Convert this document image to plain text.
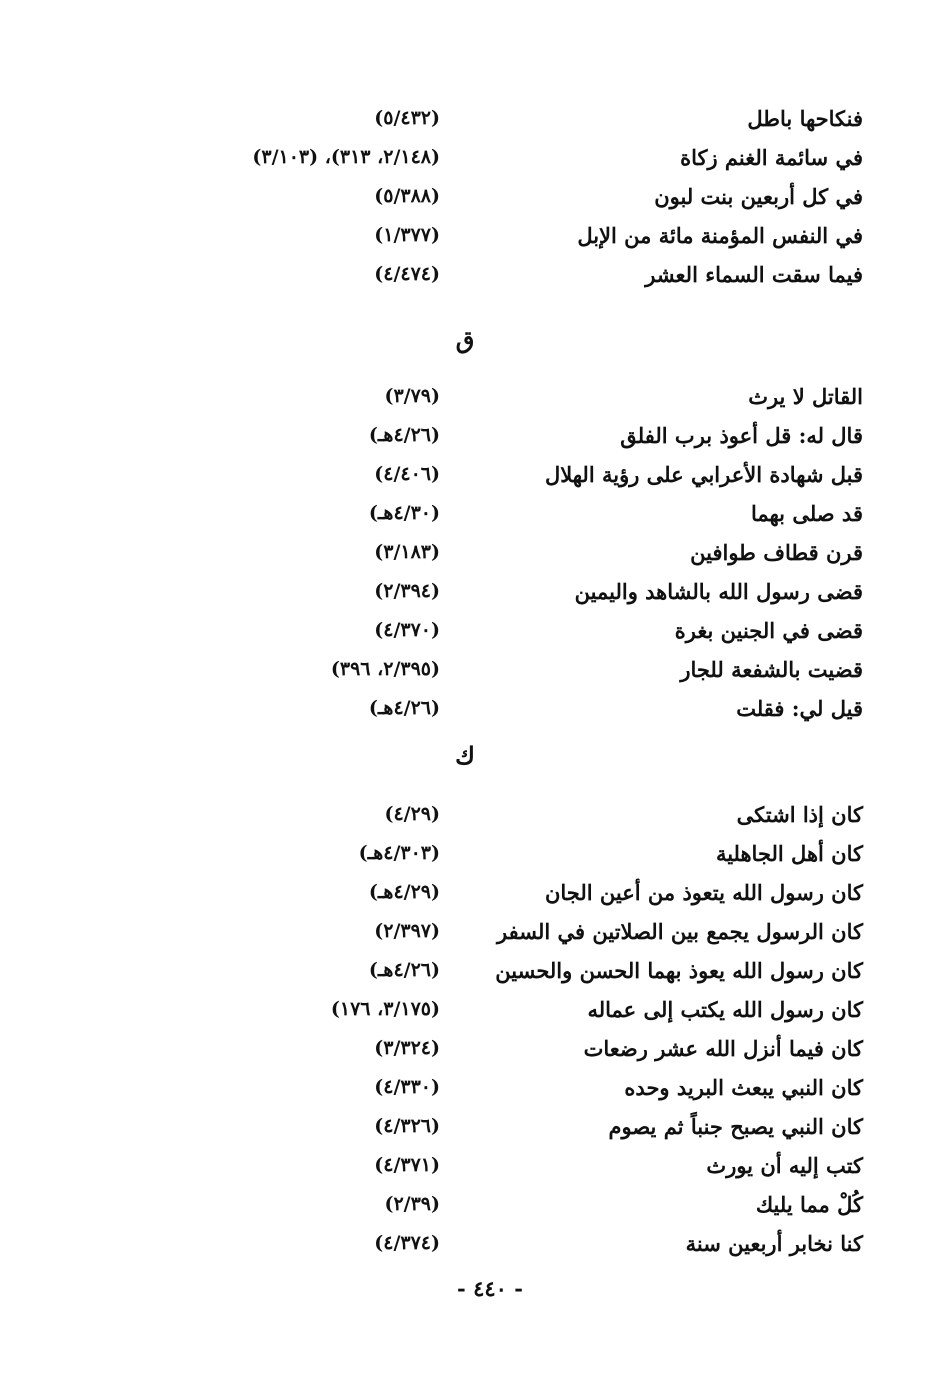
فنكاحها باطل
(٥/٤٣٢)
في سائمة الغنم زكاة
(٢/١٤٨، ٣١٣)، (٣/١٠٣)
في كل أربعين بنت لبون
(٥/٣٨٨)
في النفس المؤمنة مائة من الإبل
(١/٣٧٧)
فيما سقت السماء العشر
(٤/٤٧٤)
ق
القاتل لا يرث
(٣/٧٩)
قال له: قل أعوذ برب الفلق
(٤/٢٦هـ)
قبل شهادة الأعرابي على رؤية الهلال
(٤/٤٠٦)
قد صلى بهما
(٤/٣٠هـ)
قرن قطاف طوافين
(٣/١٨٣)
قضى رسول الله بالشاهد واليمين
(٢/٣٩٤)
قضى في الجنين بغرة
(٤/٣٧٠)
قضيت بالشفعة للجار
(٢/٣٩٥، ٣٩٦)
قيل لي: فقلت
(٤/٢٦هـ)
ك
كان إذا اشتكى
(٤/٢٩)
كان أهل الجاهلية
(٤/٣٠٣هـ)
كان رسول الله يتعوذ من أعين الجان
(٤/٢٩هـ)
كان الرسول يجمع بين الصلاتين في السفر
(٢/٣٩٧)
كان رسول الله يعوذ بهما الحسن والحسين
(٤/٢٦هـ)
كان رسول الله يكتب إلى عماله
(٣/١٧٥، ١٧٦)
كان فيما أنزل الله عشر رضعات
(٣/٣٢٤)
كان النبي يبعث البريد وحده
(٤/٣٣٠)
كان النبي يصبح جنباً ثم يصوم
(٤/٣٢٦)
كتب إليه أن يورث
(٤/٣٧١)
كُلْ مما يليك
(٢/٣٩)
كنا نخابر أربعين سنة
(٤/٣٧٤)
- ٤٤٠ -
